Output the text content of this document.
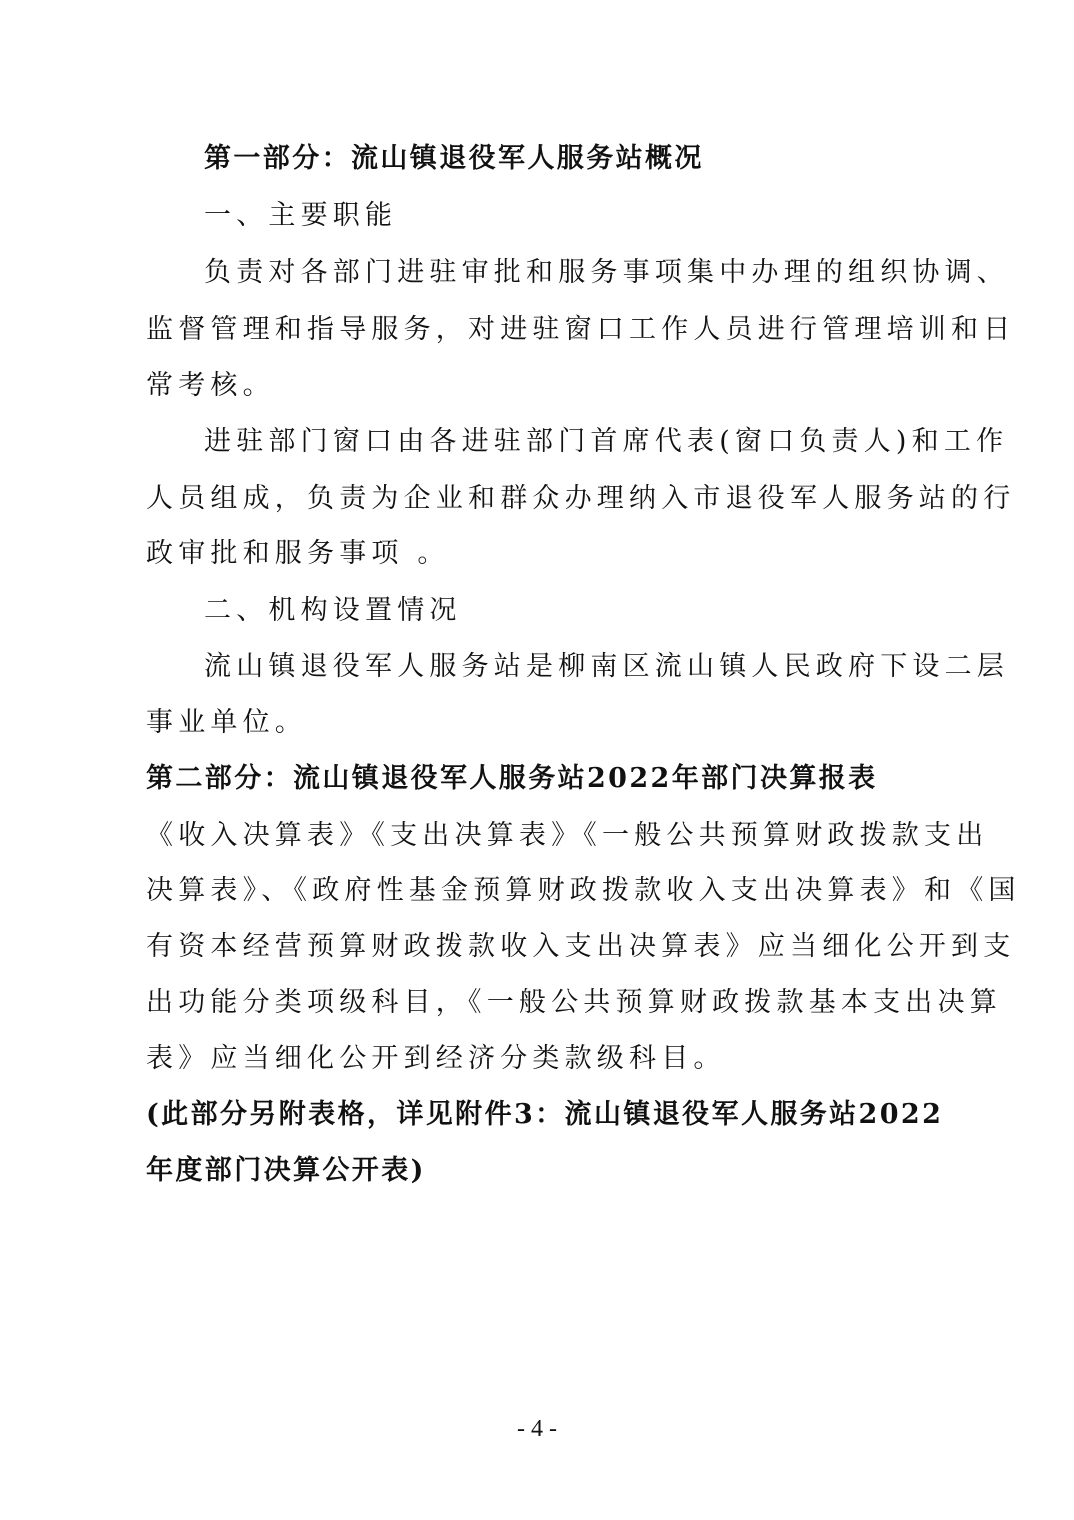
第一部分：流山镇退役军人服务站概况
一、主要职能
负责对各部门进驻审批和服务事项集中办理的组织协调、
监督管理和指导服务，对进驻窗口工作人员进行管理培训和日
常考核。
进驻部门窗口由各进驻部门首席代表(窗口负责人)和工作
人员组成，负责为企业和群众办理纳入市退役军人服务站的行
政审批和服务事项 。
二、机构设置情况
流山镇退役军人服务站是柳南区流山镇人民政府下设二层
事业单位。
第二部分：流山镇退役军人服务站2022年部门决算报表
《收入决算表》《支出决算表》《一般公共预算财政拨款支出
决算表》、《政府性基金预算财政拨款收入支出决算表》和《国
有资本经营预算财政拨款收入支出决算表》应当细化公开到支
出功能分类项级科目，《一般公共预算财政拨款基本支出决算
表》应当细化公开到经济分类款级科目。
(此部分另附表格，详见附件3：流山镇退役军人服务站2022
年度部门决算公开表)
- 4 -
